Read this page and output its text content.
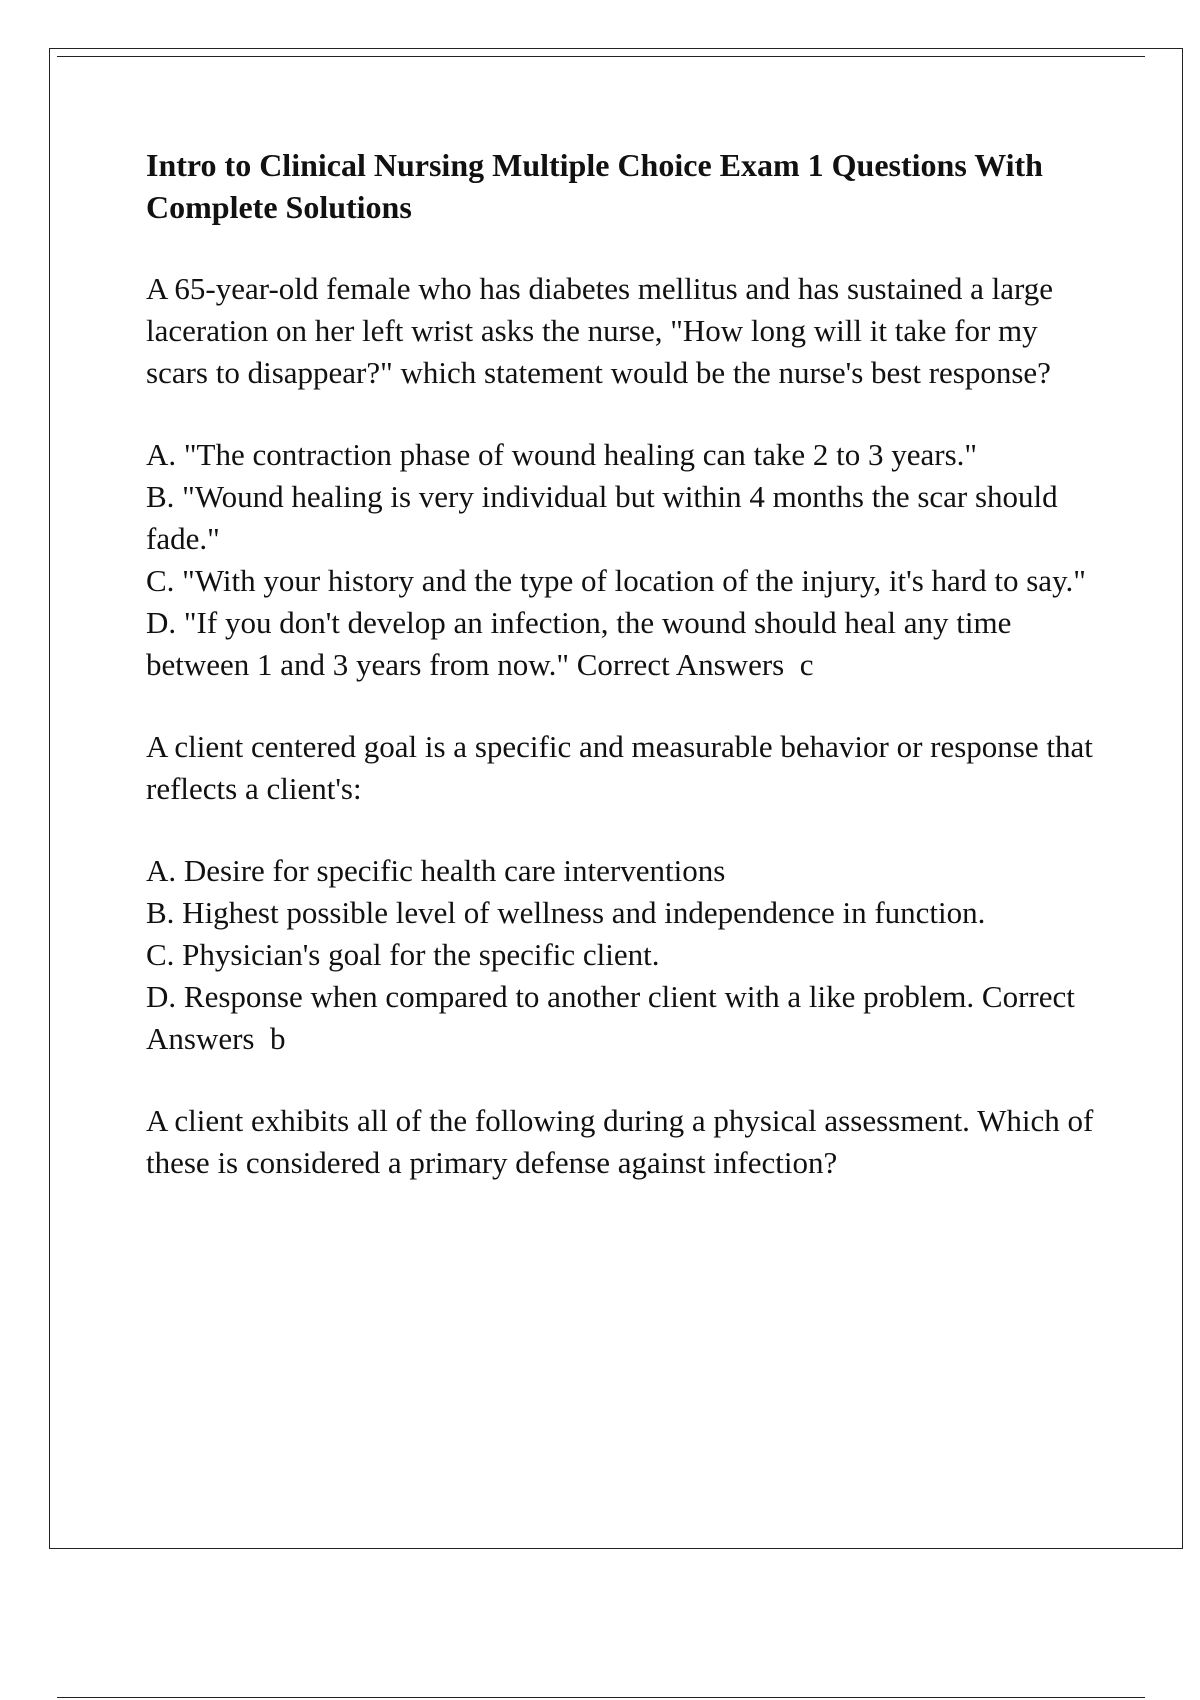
Intro to Clinical Nursing Multiple Choice Exam 1 Questions With Complete Solutions
A 65-year-old female who has diabetes mellitus and has sustained a large laceration on her left wrist asks the nurse, "How long will it take for my scars to disappear?" which statement would be the nurse's best response?
A. "The contraction phase of wound healing can take 2 to 3 years."
B. "Wound healing is very individual but within 4 months the scar should fade."
C. "With your history and the type of location of the injury, it's hard to say."
D. "If you don't develop an infection, the wound should heal any time between 1 and 3 years from now." Correct Answers c
A client centered goal is a specific and measurable behavior or response that reflects a client's:
A. Desire for specific health care interventions
B. Highest possible level of wellness and independence in function.
C. Physician's goal for the specific client.
D. Response when compared to another client with a like problem. Correct Answers b
A client exhibits all of the following during a physical assessment. Which of these is considered a primary defense against infection?
